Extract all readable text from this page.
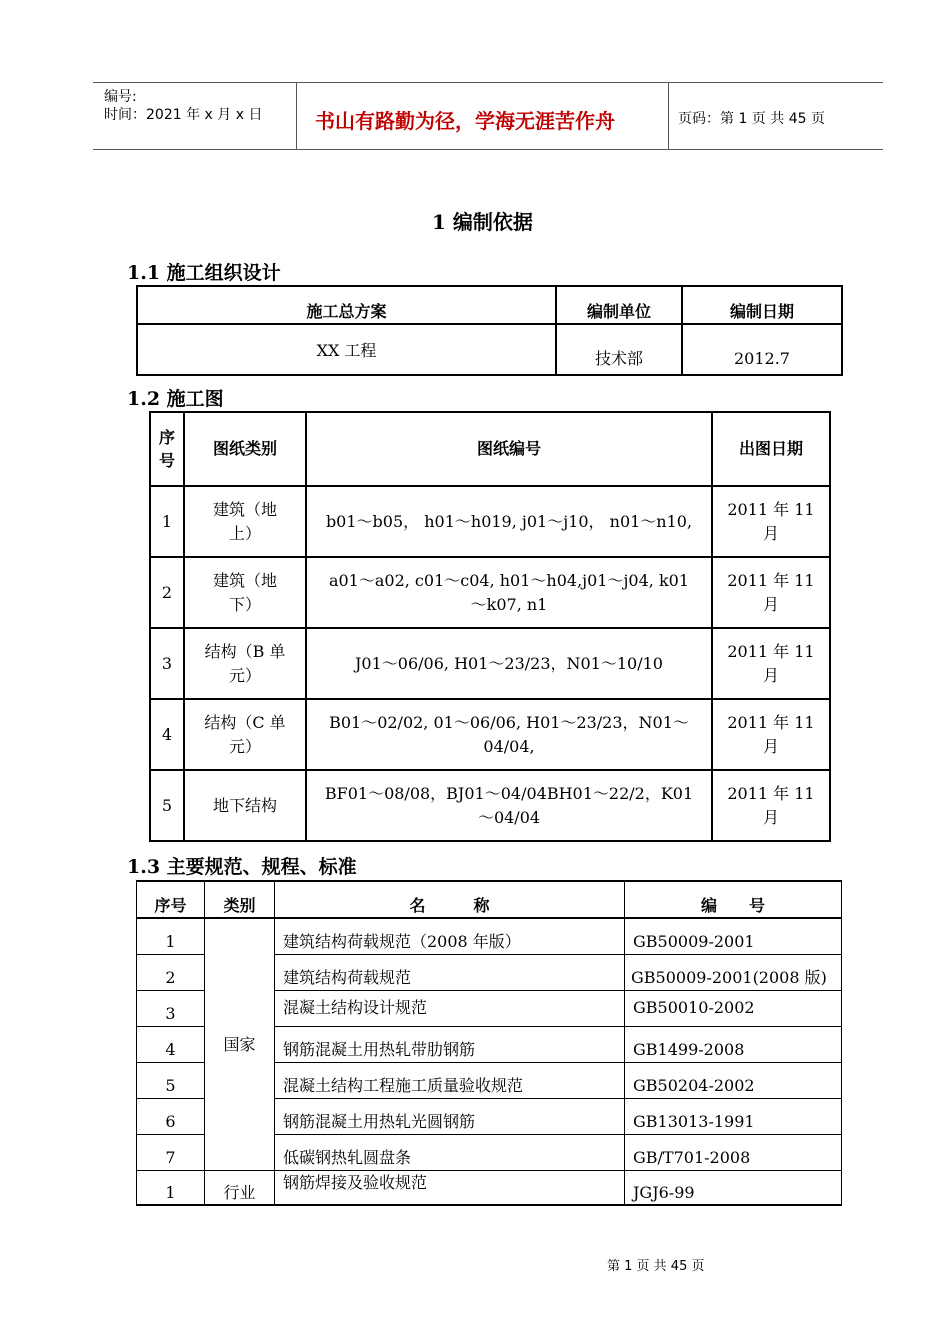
编号:
时间：2021 年 x 月 x 日	书山有路勤为径，学海无涯苦作舟	页码：第 1 页 共 45 页
1 编制依据
1.1 施工组织设计
施工总方案	编制单位	编制日期
XX 工程	技术部	2012.7
1.2 施工图
序号	图纸类别	图纸编号	出图日期
1	建筑（地上）	b01～b05， h01～h019, j01～j10， n01～n10,	2011 年 11 月
2	建筑（地下）	a01～a02, c01～c04, h01～h04,j01～j04, k01～k07, n1	2011 年 11 月
3	结构（B 单元）	J01～06/06, H01～23/23，N01～10/10	2011 年 11 月
4	结构（C 单元）	B01～02/02, 01～06/06, H01～23/23，N01～04/04,	2011 年 11 月
5	地下结构	BF01～08/08，BJ01～04/04BH01～22/2，K01～04/04	2011 年 11 月
1.3 主要规范、规程、标准
序号	类别	名　　　称	编　　号
1	国家	建筑结构荷载规范（2008 年版）	GB50009-2001
2		建筑结构荷载规范	GB50009-2001(2008 版)
3		混凝土结构设计规范	GB50010-2002
4		钢筋混凝土用热轧带肋钢筋	GB1499-2008
5		混凝土结构工程施工质量验收规范	GB50204-2002
6		钢筋混凝土用热轧光圆钢筋	GB13013-1991
7		低碳钢热轧圆盘条	GB/T701-2008
1	行业	钢筋焊接及验收规范	JGJ6-99
第 1 页 共 45 页
